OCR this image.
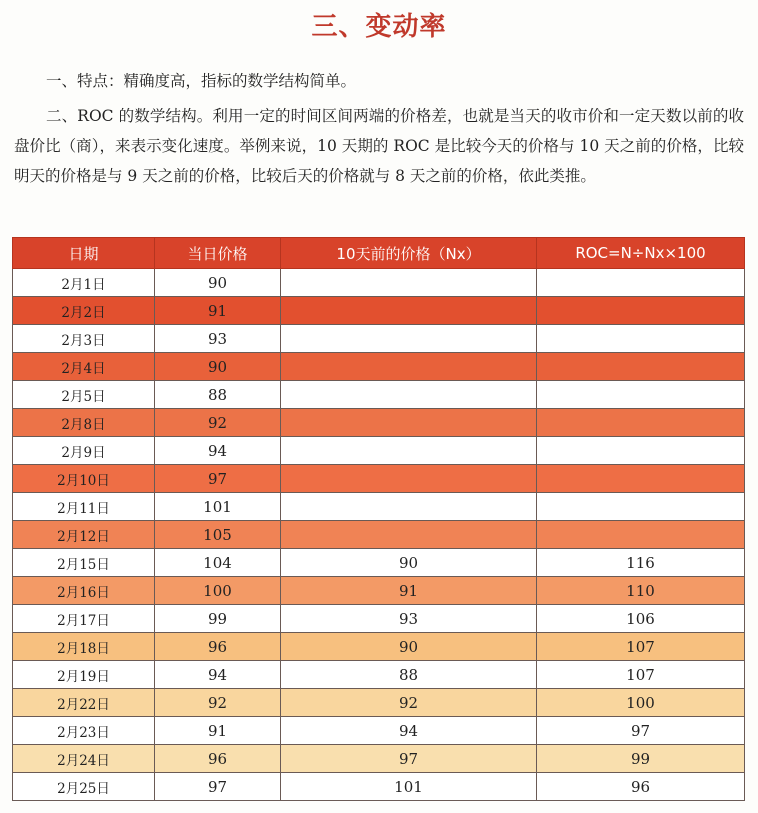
三、变动率
一、特点：精确度高，指标的数学结构简单。
二、ROC 的数学结构。利用一定的时间区间两端的价格差，也就是当天的收市价和一定天数以前的收盘价比（商），来表示变化速度。举例来说，10 天期的 ROC 是比较今天的价格与 10 天之前的价格，比较明天的价格是与 9 天之前的价格，比较后天的价格就与 8 天之前的价格，依此类推。
日期	当日价格	10天前的价格（Nx）	ROC=N÷Nx×100
2月1日	90		
2月2日	91		
2月3日	93		
2月4日	90		
2月5日	88		
2月8日	92		
2月9日	94		
2月10日	97		
2月11日	101		
2月12日	105		
2月15日	104	90	116
2月16日	100	91	110
2月17日	99	93	106
2月18日	96	90	107
2月19日	94	88	107
2月22日	92	92	100
2月23日	91	94	97
2月24日	96	97	99
2月25日	97	101	96
